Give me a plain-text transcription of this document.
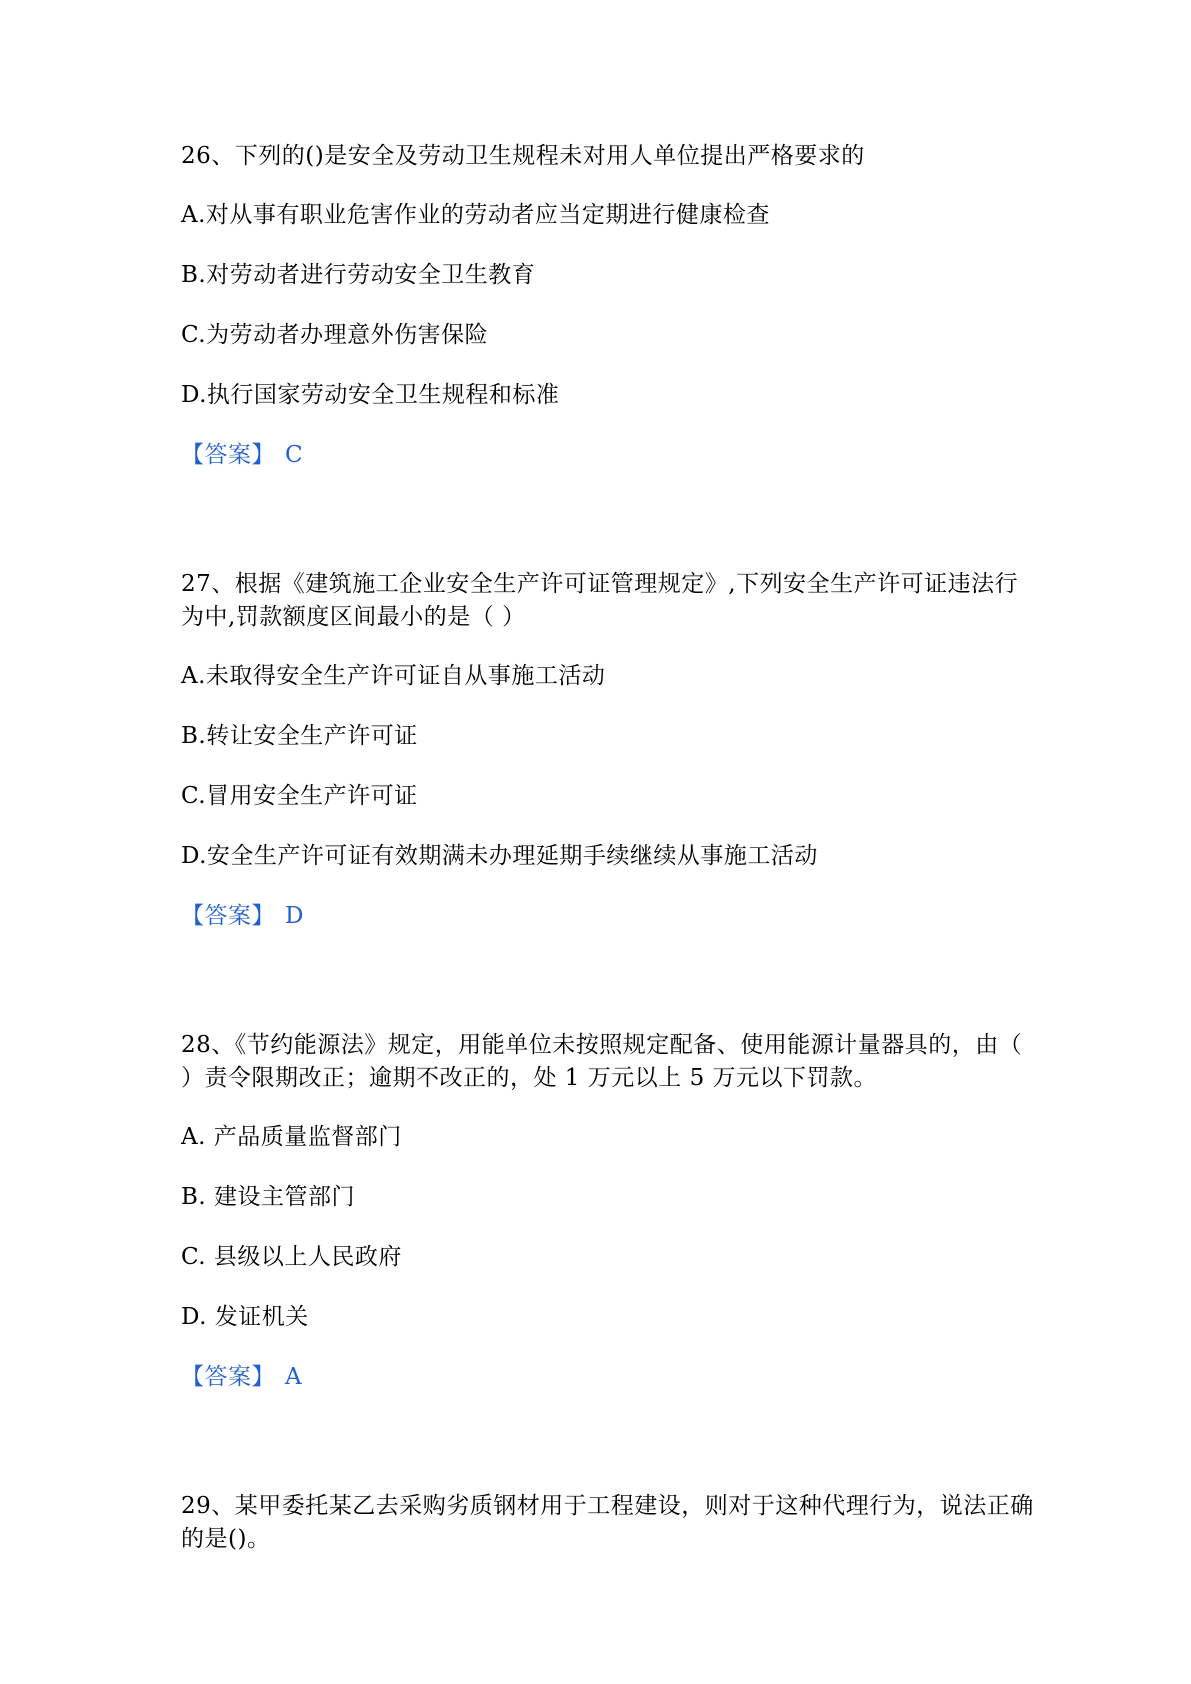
26、下列的()是安全及劳动卫生规程未对用人单位提出严格要求的

A.对从事有职业危害作业的劳动者应当定期进行健康检查

B.对劳动者进行劳动安全卫生教育

C.为劳动者办理意外伤害保险

D.执行国家劳动安全卫生规程和标准

【答案】 C

27、根据《建筑施工企业安全生产许可证管理规定》,下列安全生产许可证违法行为中,罚款额度区间最小的是（ ）

A.未取得安全生产许可证自从事施工活动

B.转让安全生产许可证

C.冒用安全生产许可证

D.安全生产许可证有效期满未办理延期手续继续从事施工活动

【答案】 D

28、《节约能源法》规定，用能单位未按照规定配备、使用能源计量器具的，由（ ）责令限期改正；逾期不改正的，处 1 万元以上 5 万元以下罚款。

A. 产品质量监督部门

B. 建设主管部门

C. 县级以上人民政府

D. 发证机关

【答案】 A

29、某甲委托某乙去采购劣质钢材用于工程建设，则对于这种代理行为，说法正确的是()。
